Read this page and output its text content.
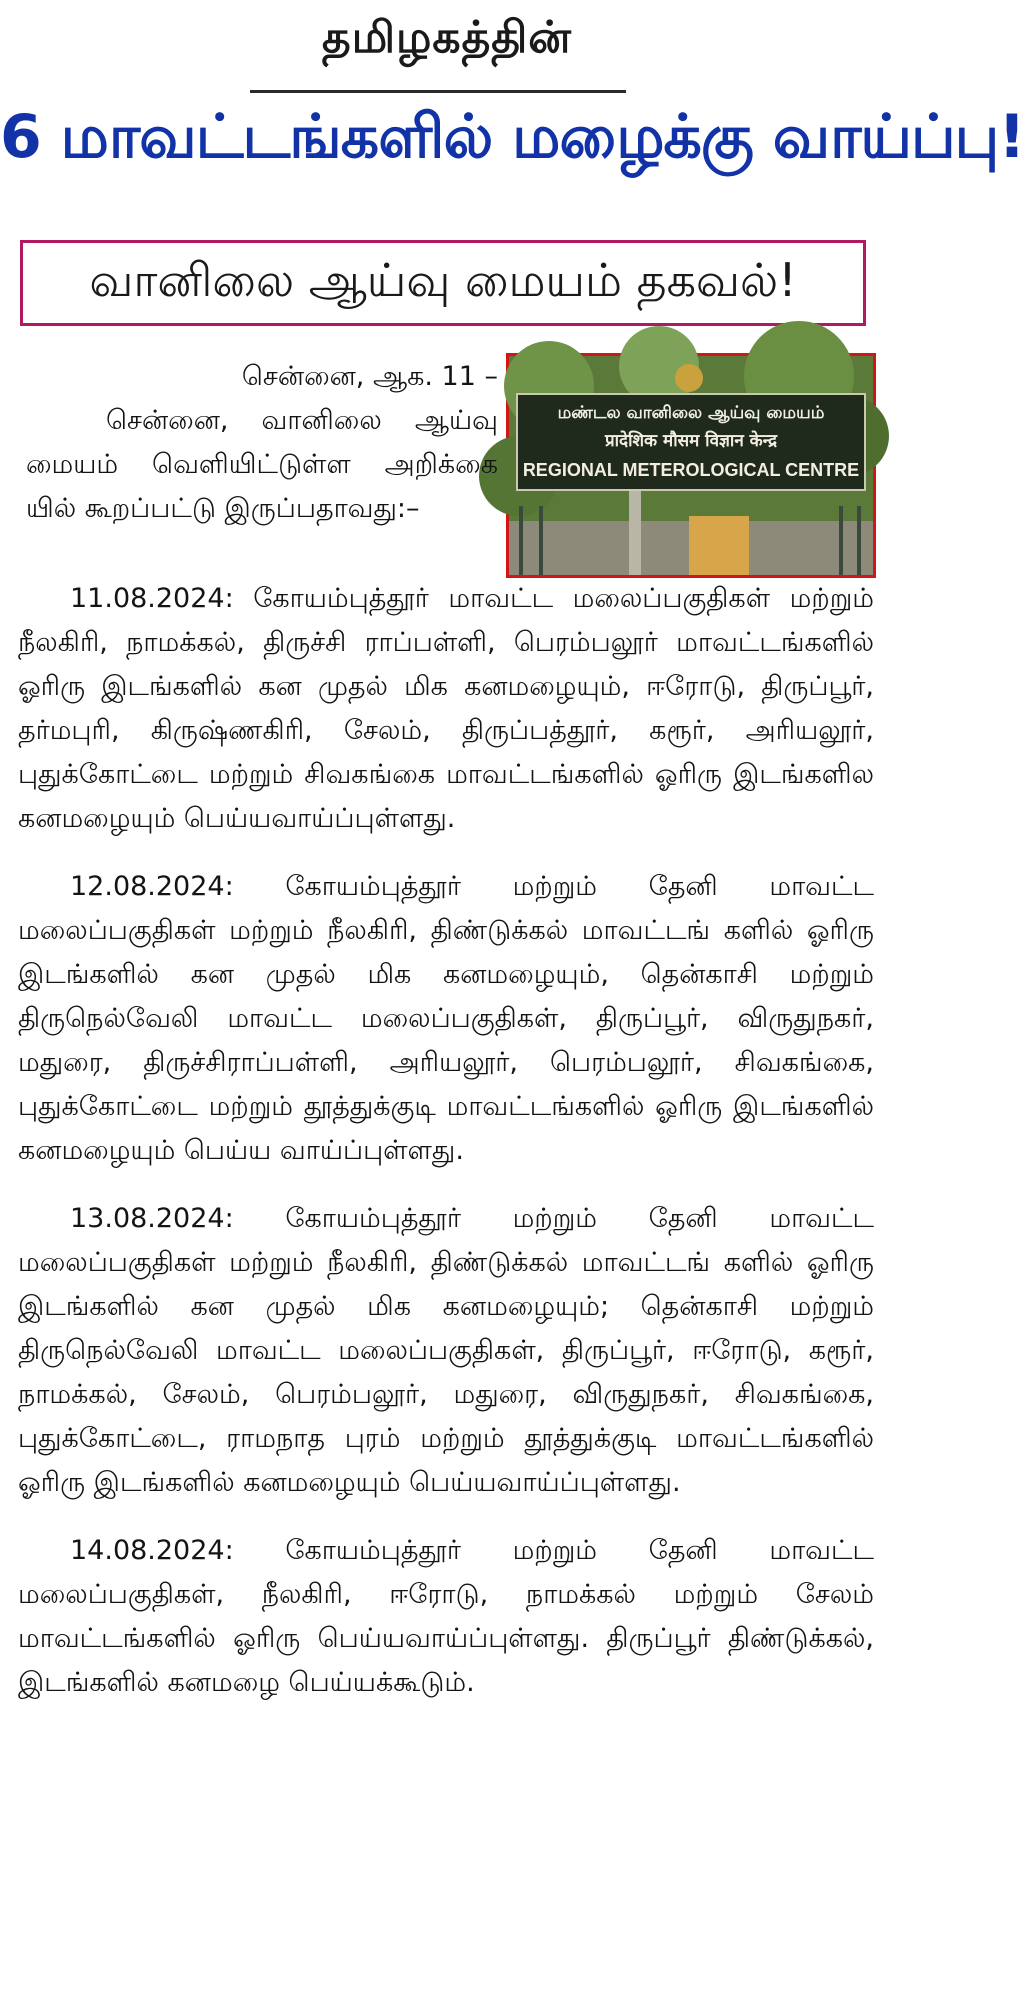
தமிழகத்தின்
6 மாவட்டங்களில் மழைக்கு வாய்ப்பு!
வானிலை ஆய்வு மையம் தகவல்!
மண்டல வானிலை ஆய்வு மையம்
प्रादेशिक मौसम विज्ञान केन्द्र
REGIONAL METEROLOGICAL CENTRE
சென்னை, ஆக. 11 –
சென்னை, வானிலை ஆய்வு மையம் வெளியிட்டுள்ள அறிக்கை யில் கூறப்பட்டு இருப்பதாவது:–
11.08.2024: கோயம்புத்தூர் மாவட்ட மலைப்பகுதிகள் மற்றும் நீலகிரி, நாமக்கல், திருச்சி ராப்பள்ளி, பெரம்பலூர் மாவட்டங்களில் ஓரிரு இடங்களில் கன முதல் மிக கனமழையும், ஈரோடு, திருப்பூர், தர்மபுரி, கிருஷ்ணகிரி, சேலம், திருப்பத்தூர், கரூர், அரியலூர், புதுக்கோட்டை மற்றும் சிவகங்கை மாவட்டங்களில் ஓரிரு இடங்களில கனமழையும் பெய்யவாய்ப்புள்ளது.
12.08.2024: கோயம்புத்தூர் மற்றும் தேனி மாவட்ட மலைப்பகுதிகள் மற்றும் நீலகிரி, திண்டுக்கல் மாவட்டங் களில் ஓரிரு இடங்களில் கன முதல் மிக கனமழையும், தென்காசி மற்றும் திருநெல்வேலி மாவட்ட மலைப்பகுதிகள், திருப்பூர், விருதுநகர், மதுரை, திருச்சிராப்பள்ளி, அரியலூர், பெரம்பலூர், சிவகங்கை, புதுக்கோட்டை மற்றும் தூத்துக்குடி மாவட்டங்களில் ஓரிரு இடங்களில் கனமழையும் பெய்ய வாய்ப்புள்ளது.
13.08.2024: கோயம்புத்தூர் மற்றும் தேனி மாவட்ட மலைப்பகுதிகள் மற்றும் நீலகிரி, திண்டுக்கல் மாவட்டங் களில் ஓரிரு இடங்களில் கன முதல் மிக கனமழையும்; தென்காசி மற்றும் திருநெல்வேலி மாவட்ட மலைப்பகுதிகள், திருப்பூர், ஈரோடு, கரூர், நாமக்கல், சேலம், பெரம்பலூர், மதுரை, விருதுநகர், சிவகங்கை, புதுக்கோட்டை, ராமநாத புரம் மற்றும் தூத்துக்குடி மாவட்டங்களில் ஓரிரு இடங்களில் கனமழையும் பெய்யவாய்ப்புள்ளது.
14.08.2024: கோயம்புத்தூர் மற்றும் தேனி மாவட்ட மலைப்பகுதிகள், நீலகிரி, ஈரோடு, நாமக்கல் மற்றும் சேலம் மாவட்டங்களில் ஓரிரு பெய்யவாய்ப்புள்ளது. திருப்பூர் திண்டுக்கல், இடங்களில் கனமழை பெய்யக்கூடும்.
